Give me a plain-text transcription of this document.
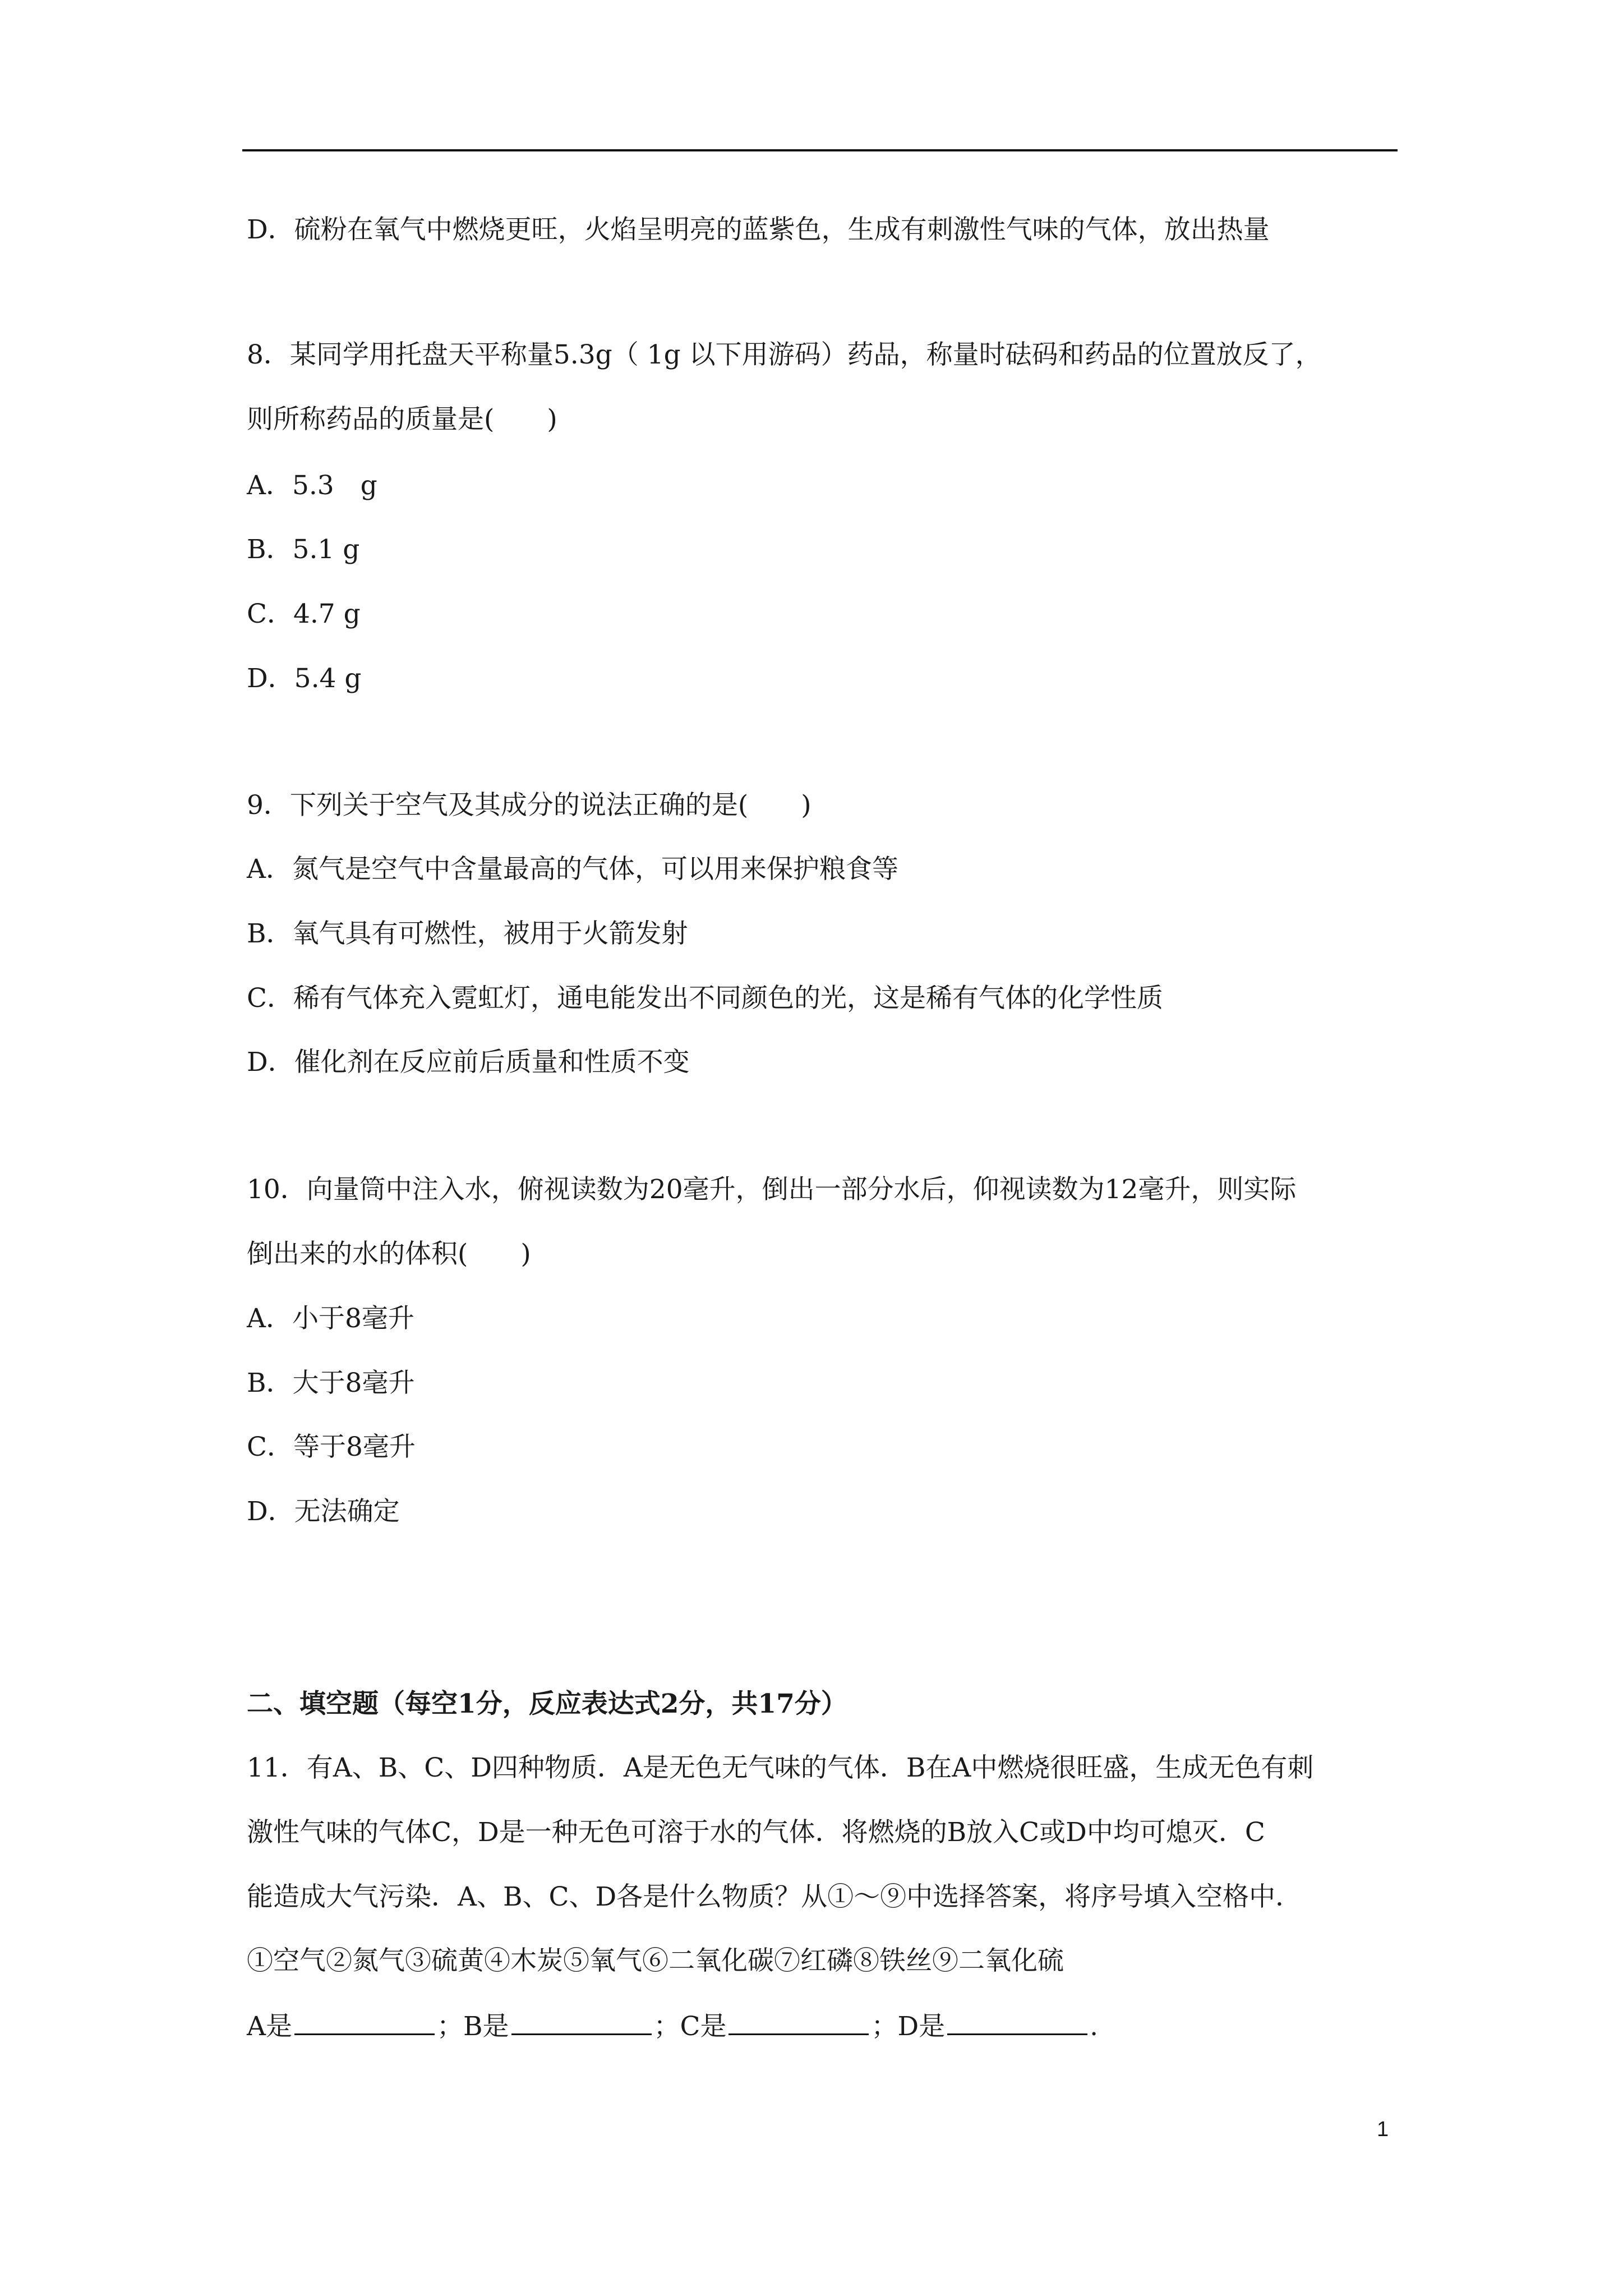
D．硫粉在氧气中燃烧更旺，火焰呈明亮的蓝紫色，生成有刺激性气味的气体，放出热量
8．某同学用托盘天平称量5.3g（ 1g 以下用游码）药品，称量时砝码和药品的位置放反了，
则所称药品的质量是(　　)
A．5.3　g
B．5.1 g
C．4.7 g
D．5.4 g
9．下列关于空气及其成分的说法正确的是(　　)
A．氮气是空气中含量最高的气体，可以用来保护粮食等
B．氧气具有可燃性，被用于火箭发射
C．稀有气体充入霓虹灯，通电能发出不同颜色的光，这是稀有气体的化学性质
D．催化剂在反应前后质量和性质不变
10．向量筒中注入水，俯视读数为20毫升，倒出一部分水后，仰视读数为12毫升，则实际
倒出来的水的体积(　　)
A．小于8毫升
B．大于8毫升
C．等于8毫升
D．无法确定
二、填空题（每空1分，反应表达式2分，共17分）
11．有A、B、C、D四种物质．A是无色无气味的气体．B在A中燃烧很旺盛，生成无色有刺
激性气味的气体C，D是一种无色可溶于水的气体．将燃烧的B放入C或D中均可熄灭．C
能造成大气污染．A、B、C、D各是什么物质？从①～⑨中选择答案，将序号填入空格中．
①空气②氮气③硫黄④木炭⑤氧气⑥二氧化碳⑦红磷⑧铁丝⑨二氧化硫
A是	；B是	；C是	；D是	.
1
